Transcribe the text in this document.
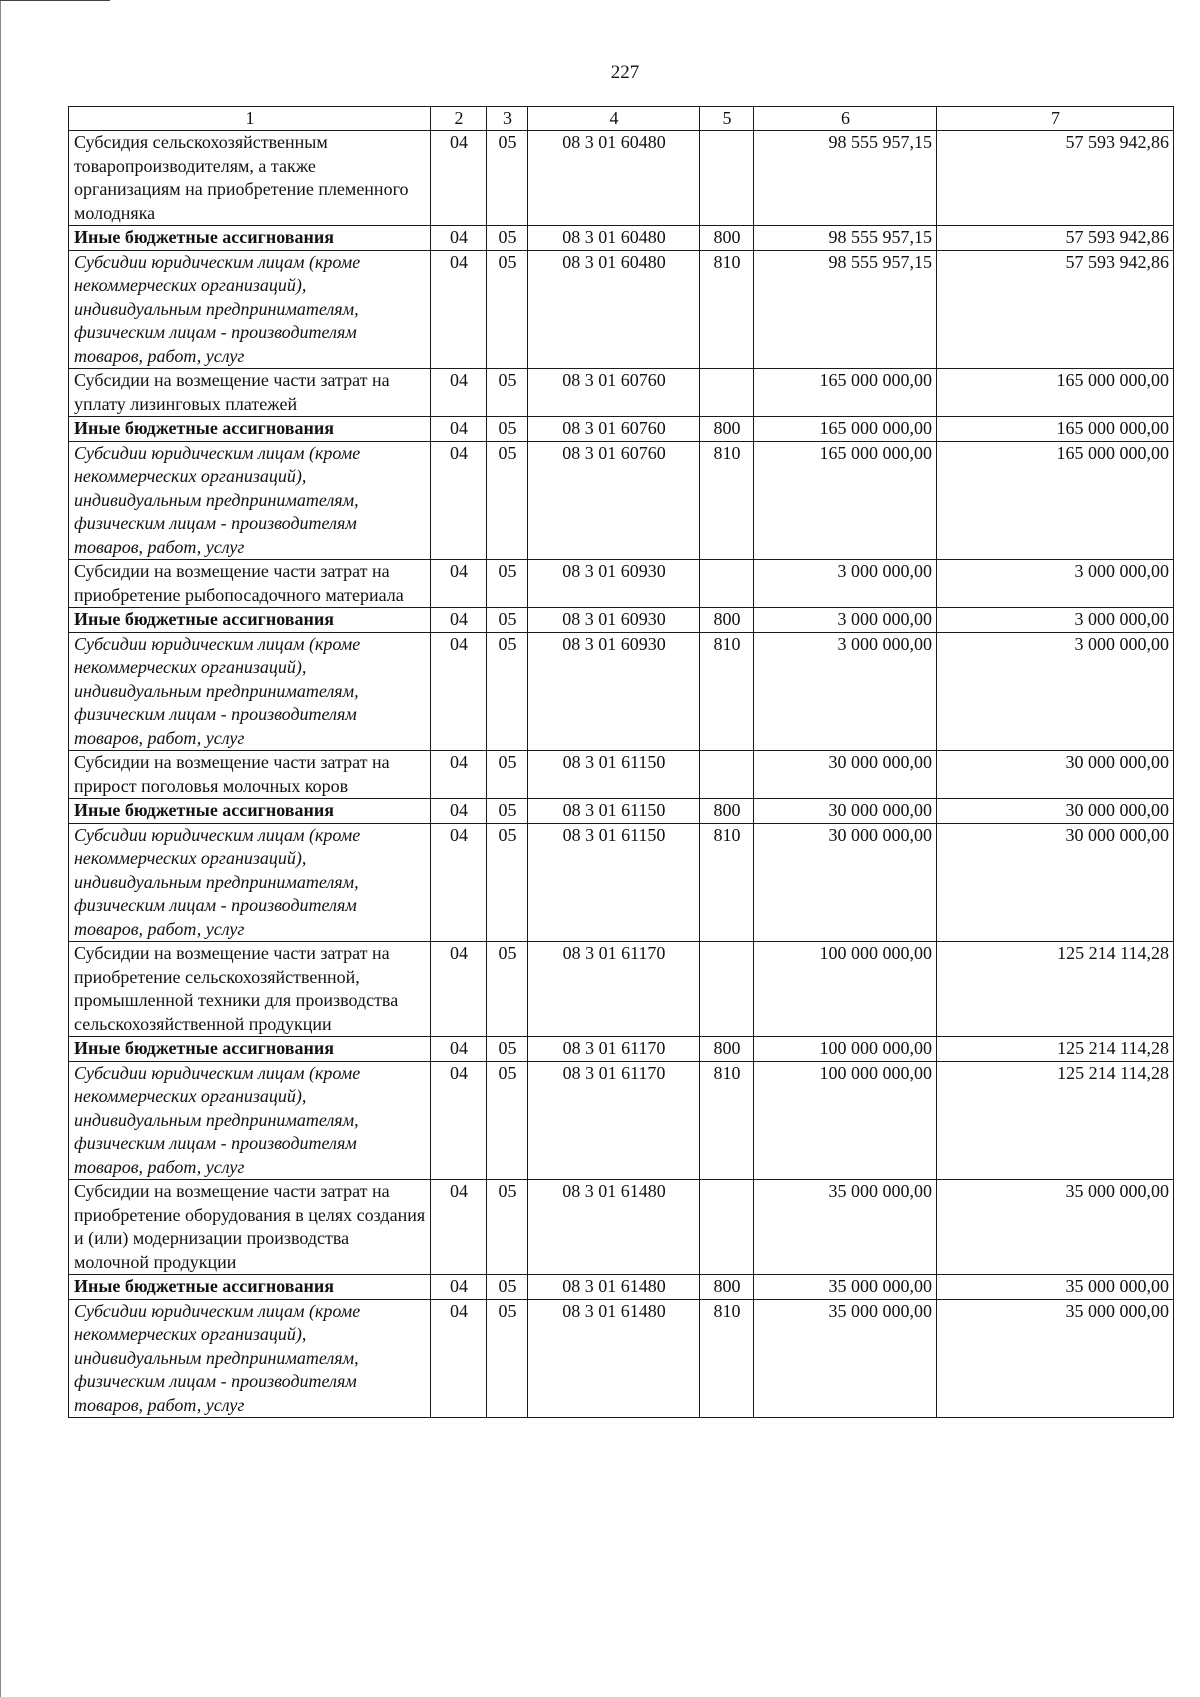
227
1	2	3	4	5	6	7
Субсидия сельскохозяйственным товаропроизводителям, а также организациям на приобретение племенного молодняка	04	05	08 3 01 60480		98 555 957,15	57 593 942,86
Иные бюджетные ассигнования	04	05	08 3 01 60480	800	98 555 957,15	57 593 942,86
Субсидии юридическим лицам (кроме некоммерческих организаций), индивидуальным предпринимателям, физическим лицам - производителям товаров, работ, услуг	04	05	08 3 01 60480	810	98 555 957,15	57 593 942,86
Субсидии на возмещение части затрат на уплату лизинговых платежей	04	05	08 3 01 60760		165 000 000,00	165 000 000,00
Иные бюджетные ассигнования	04	05	08 3 01 60760	800	165 000 000,00	165 000 000,00
Субсидии юридическим лицам (кроме некоммерческих организаций), индивидуальным предпринимателям, физическим лицам - производителям товаров, работ, услуг	04	05	08 3 01 60760	810	165 000 000,00	165 000 000,00
Субсидии на возмещение части затрат на приобретение рыбопосадочного материала	04	05	08 3 01 60930		3 000 000,00	3 000 000,00
Иные бюджетные ассигнования	04	05	08 3 01 60930	800	3 000 000,00	3 000 000,00
Субсидии юридическим лицам (кроме некоммерческих организаций), индивидуальным предпринимателям, физическим лицам - производителям товаров, работ, услуг	04	05	08 3 01 60930	810	3 000 000,00	3 000 000,00
Субсидии на возмещение части затрат на прирост поголовья молочных коров	04	05	08 3 01 61150		30 000 000,00	30 000 000,00
Иные бюджетные ассигнования	04	05	08 3 01 61150	800	30 000 000,00	30 000 000,00
Субсидии юридическим лицам (кроме некоммерческих организаций), индивидуальным предпринимателям, физическим лицам - производителям товаров, работ, услуг	04	05	08 3 01 61150	810	30 000 000,00	30 000 000,00
Субсидии на возмещение части затрат на приобретение сельскохозяйственной, промышленной техники для производства сельскохозяйственной продукции	04	05	08 3 01 61170		100 000 000,00	125 214 114,28
Иные бюджетные ассигнования	04	05	08 3 01 61170	800	100 000 000,00	125 214 114,28
Субсидии юридическим лицам (кроме некоммерческих организаций), индивидуальным предпринимателям, физическим лицам - производителям товаров, работ, услуг	04	05	08 3 01 61170	810	100 000 000,00	125 214 114,28
Субсидии на возмещение части затрат на приобретение оборудования в целях создания и (или) модернизации производства молочной продукции	04	05	08 3 01 61480		35 000 000,00	35 000 000,00
Иные бюджетные ассигнования	04	05	08 3 01 61480	800	35 000 000,00	35 000 000,00
Субсидии юридическим лицам (кроме некоммерческих организаций), индивидуальным предпринимателям, физическим лицам - производителям товаров, работ, услуг	04	05	08 3 01 61480	810	35 000 000,00	35 000 000,00
